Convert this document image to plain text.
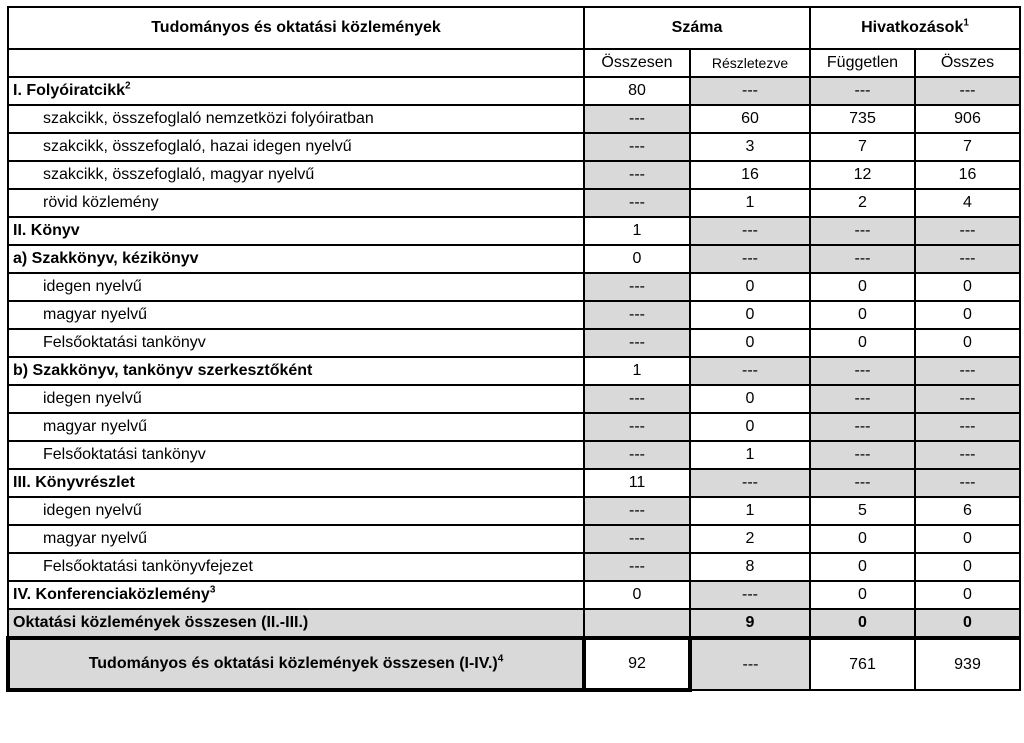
Tudományos és oktatási közlemények	Száma		Hivatkozások$^1$
	Összesen	Részletezve	Független	Összes
I. Folyóiratcikk$^2$	80	---	---	---
szakcikk, összefoglaló nemzetközi folyóiratban	---	60	735	906
szakcikk, összefoglaló, hazai idegen nyelvű	---	3	7	7
szakcikk, összefoglaló, magyar nyelvű	---	16	12	16
rövid közlemény	---	1	2	4
II. Könyv	1	---	---	---
a) Szakkönyv, kézikönyv	0	---	---	---
idegen nyelvű	---	0	0	0
magyar nyelvű	---	0	0	0
Felsőoktatási tankönyv	---	0	0	0
b) Szakkönyv, tankönyv szerkesztőként	1	---	---	---
idegen nyelvű	---	0	---	---
magyar nyelvű	---	0	---	---
Felsőoktatási tankönyv	---	1	---	---
III. Könyvrészlet	11	---	---	---
idegen nyelvű	---	1	5	6
magyar nyelvű	---	2	0	0
Felsőoktatási tankönyvfejezet	---	8	0	0
IV. Konferenciaközlemény$^3$	0	---	0	0
Oktatási közlemények összesen (II.-III.)		9	0	0
Tudományos és oktatási közlemények összesen $(I-IV.)^4$	92	---	761	939
